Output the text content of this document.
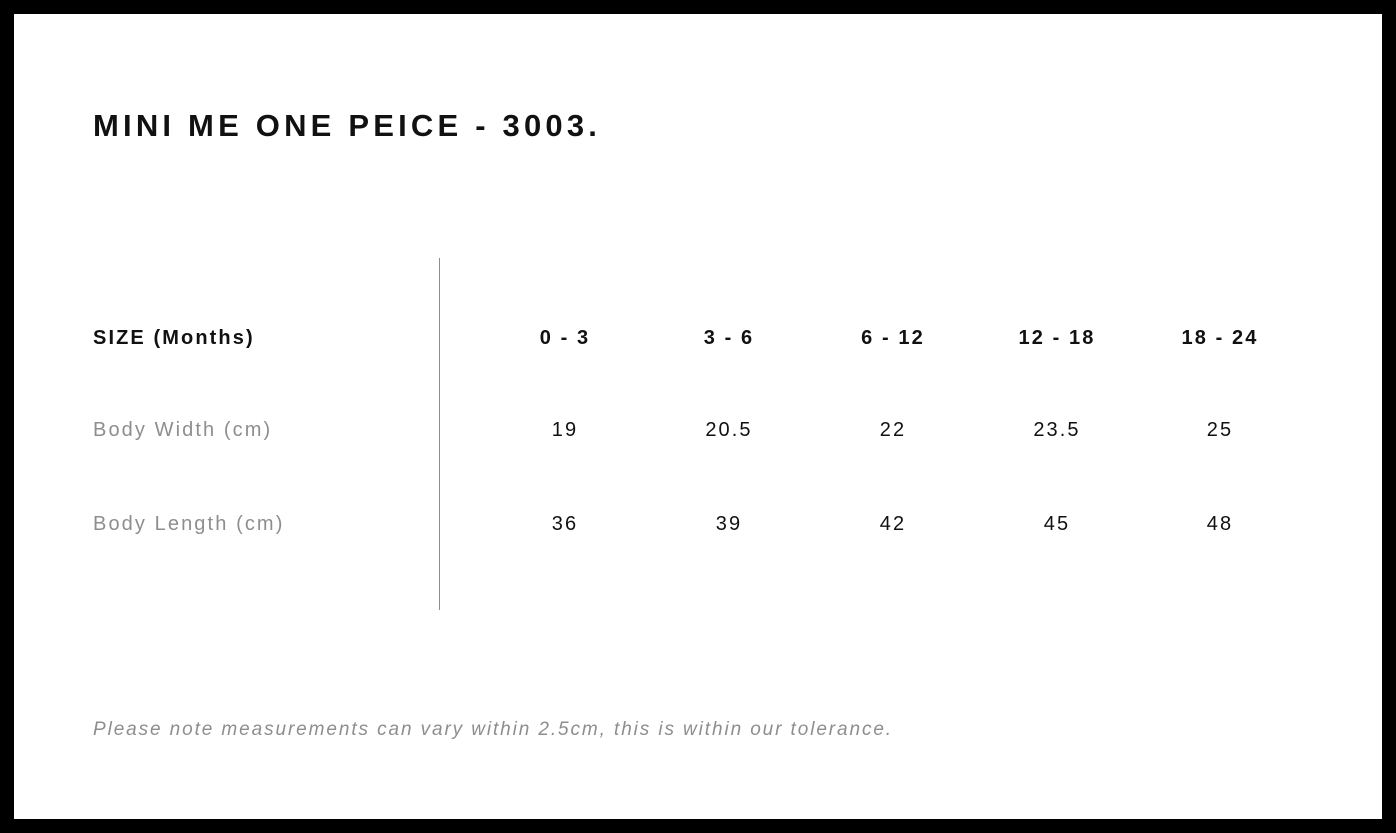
MINI ME ONE PEICE - 3003.
SIZE (Months)	0 - 3	3 - 6	6 - 12	12 - 18	18 - 24
Body Width (cm)	19	20.5	22	23.5	25
Body Length (cm)	36	39	42	45	48
Please note measurements can vary within 2.5cm, this is within our tolerance.
